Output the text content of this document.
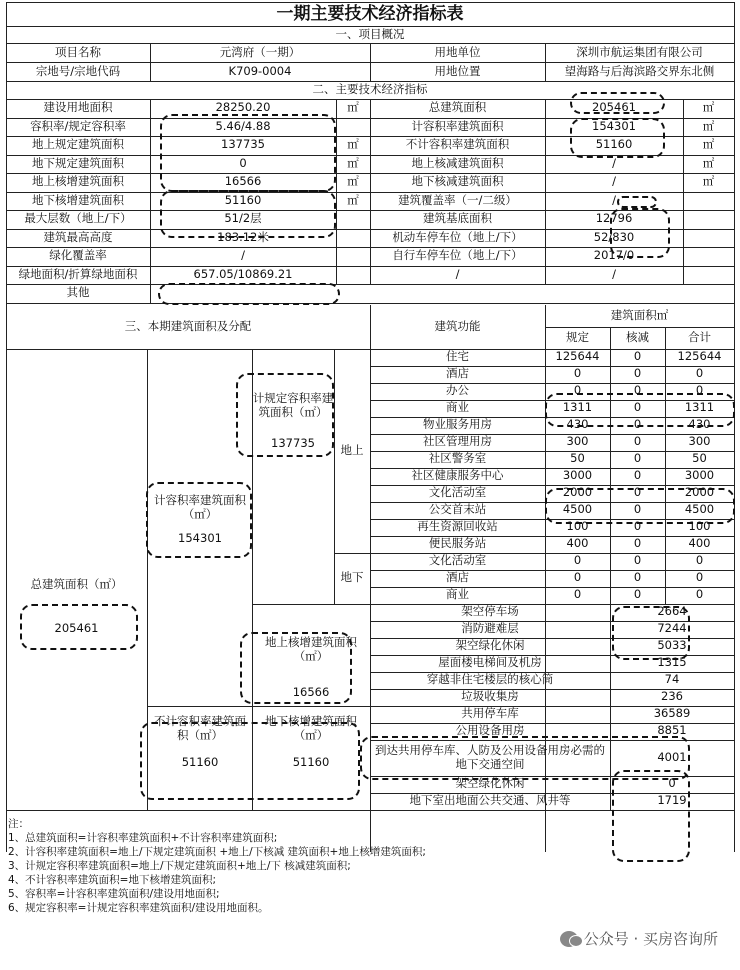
一期主要技术经济指标表
一、项目概况
项目名称	元湾府（一期）	用地单位	深圳市航运集团有限公司
宗地号/宗地代码	K709-0004	用地位置	望海路与后海滨路交界东北侧
二、主要技术经济指标
建设用地面积	28250.20	㎡	总建筑面积	205461	㎡
容积率/规定容积率	5.46/4.88	计容积率建筑面积	154301	㎡
地上规定建筑面积	137735	㎡	不计容积率建筑面积	51160	㎡
地下规定建筑面积	0	㎡	地上核减建筑面积	/	㎡
地上核增建筑面积	16566	㎡	地下核减建筑面积	/	㎡
地下核增建筑面积	51160	㎡	建筑覆盖率（一/二级）	/
最大层数（地上/下）	51/2层	建筑基底面积	12796
建筑最高高度	183.12米	机动车停车位（地上/下）	52/830
绿化覆盖率	/	自行车停车位（地上/下）	2017/0
绿地面积/折算绿地面积	657.05/10869.21	/	/
其他
三、本期建筑面积及分配	建筑功能
建筑面积㎡
规定	核减	合计
住宅	125644	0	125644
酒店	0	0	0
办公	0	0	0
商业	1311	0	1311
物业服务用房	430	0	430
社区管理用房	300	0	300
社区警务室	50	0	50
社区健康服务中心	3000	0	3000
文化活动室	2000	0	2000
公交首末站	4500	0	4500
再生资源回收站	100	0	100
便民服务站	400	0	400
文化活动室	0	0	0
酒店	0	0	0
商业	0	0	0
架空停车场	2664
消防避难层	7244
架空绿化休闲	5033
屋面楼电梯间及机房	1315
穿越非住宅楼层的核心筒	74
垃圾收集房	236
共用停车库	36589
公用设备用房	8851
到达共用停车库、人防及公用设备用房必需的地下交通空间	4001
架空绿化休闲	0
地下室出地面公共交通、风井等	1719
总建筑面积（㎡）
205461
计容积率建筑面积（㎡）
154301
计规定容积率建筑面积（㎡）
137735
地上核增建筑面积（㎡）
16566
地上
地下
不计容积率建筑面积（㎡）
51160
地下核增建筑面积（㎡）
51160
注：
1、总建筑面积=计容积率建筑面积+不计容积率建筑面积;
2、计容积率建筑面积=地上/下规定建筑面积 +地上/下核减 建筑面积+地上核增建筑面积;
3、计规定容积率建筑面积=地上/下规定建筑面积+地上/下 核减建筑面积;
4、不计容积率建筑面积=地下核增建筑面积;
5、容积率=计容积率建筑面积/建设用地面积;
6、规定容积率=计规定容积率建筑面积/建设用地面积。
公众号 · 买房咨询所
